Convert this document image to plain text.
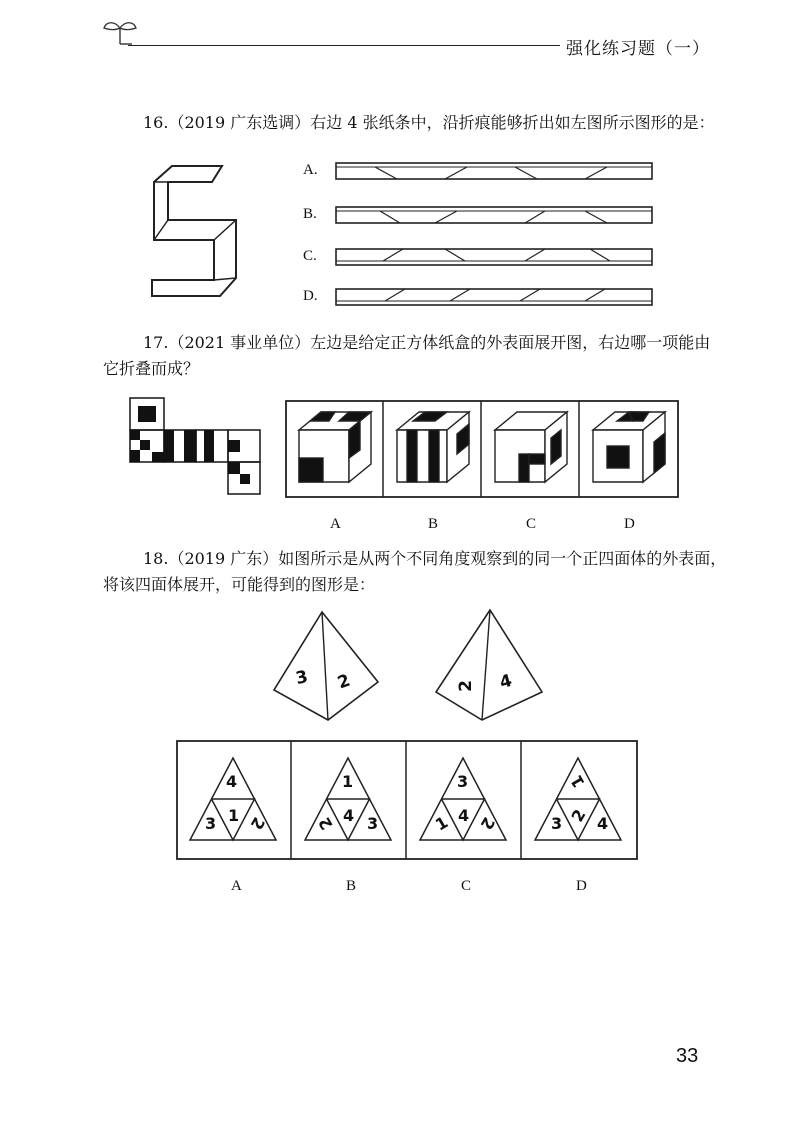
强化练习题（一）
16.（2019 广东选调）右边 4 张纸条中，沿折痕能够折出如左图所示图形的是：
A.
B.
C.
D.
17.（2021 事业单位）左边是给定正方体纸盒的外表面展开图，右边哪一项能由
它折叠而成？
A	B	C	D
18.（2019 广东）如图所示是从两个不同角度观察到的同一个正四面体的外表面，
将该四面体展开，可能得到的图形是：
3 2	2 4
4
3 1 2
1
2 4 3
3
1 4 2
1
3 2 4
A	B	C	D
33
